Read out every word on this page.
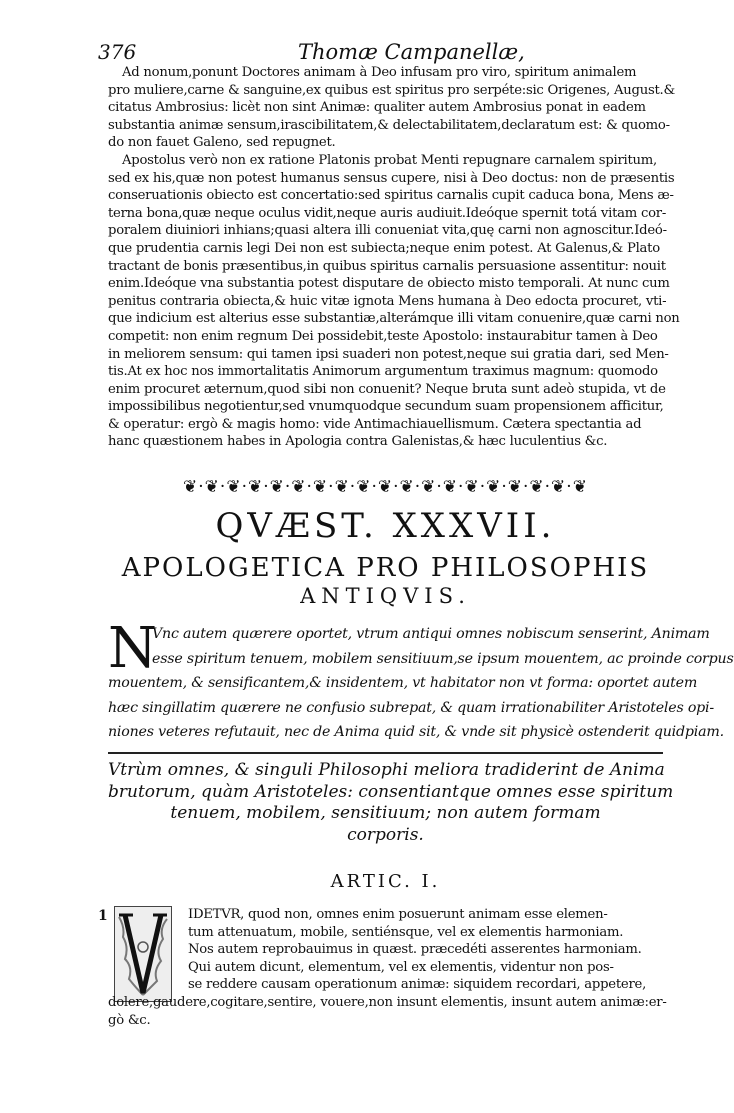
376	Thomæ Campanellæ,
Ad nonum,ponunt Doctores animam à Deo infusam pro viro, spiritum animalem
pro muliere,carne & sanguine,ex quibus est spiritus pro serpéte:sic Origenes, August.&
citatus Ambrosius: licèt non sint Animæ: qualiter autem Ambrosius ponat in eadem
substantia animæ sensum,irascibilitatem,& delectabilitatem,declaratum est: & quomo-
do non fauet Galeno, sed repugnet.
Apostolus verò non ex ratione Platonis probat Menti repugnare carnalem spiritum,
sed ex his,quæ non potest humanus sensus cupere, nisi à Deo doctus: non de præsentis
conseruationis obiecto est concertatio:sed spiritus carnalis cupit caduca bona, Mens æ-
terna bona,quæ neque oculus vidit,neque auris audiuit.Ideóque spernit totá vitam cor-
poralem diuiniori inhians;quasi altera illi conueniat vita,quę carni non agnoscitur.Ideó-
que prudentia carnis legi Dei non est subiecta;neque enim potest. At Galenus,& Plato
tractant de bonis præsentibus,in quibus spiritus carnalis persuasione assentitur: nouit
enim.Ideóque vna substantia potest disputare de obiecto misto temporali. At nunc cum
penitus contraria obiecta,& huic vitæ ignota Mens humana à Deo edocta procuret, vti-
que indicium est alterius esse substantiæ,alterámque illi vitam conuenire,quæ carni non
competit: non enim regnum Dei possidebit,teste Apostolo: instaurabitur tamen à Deo
in meliorem sensum: qui tamen ipsi suaderi non potest,neque sui gratia dari, sed Men-
tis.At ex hoc nos immortalitatis Animorum argumentum traximus magnum: quomodo
enim procuret æternum,quod sibi non conuenit? Neque bruta sunt adeò stupida, vt de
impossibilibus negotientur,sed vnumquodque secundum suam propensionem afficitur,
& operatur: ergò & magis homo: vide Antimachiauellismum. Cætera spectantia ad
hanc quæstionem habes in Apologia contra Galenistas,& hæc luculentius &c.
❦·❦·❦·❦·❦·❦·❦·❦·❦·❦·❦·❦·❦·❦·❦·❦·❦·❦·❦
QVÆST. XXXVII.
APOLOGETICA PRO PHILOSOPHIS
ANTIQVIS.
N
Vnc autem quærere oportet, vtrum antiqui omnes nobiscum senserint, Animam
esse spiritum tenuem, mobilem sensitiuum,se ipsum mouentem, ac proinde corpus
mouentem, & sensificantem,& insidentem, vt habitator non vt forma: oportet autem
hæc singillatim quærere ne confusio subrepat, & quam irrationabiliter Aristoteles opi-
niones veteres refutauit, nec de Anima quid sit, & vnde sit physicè ostenderit quidpiam.
Vtrùm omnes, & singuli Philosophi meliora tradiderint de Anima
brutorum, quàm Aristoteles: consentiantque omnes esse spiritum
tenuem, mobilem, sensitiuum; non autem formam
corporis.
ARTIC. I.
1	IDETVR, quod non, omnes enim posuerunt animam esse elemen-
tum attenuatum, mobile, sentiénsque, vel ex elementis harmoniam.
Nos autem reprobauimus in quæst. præcedéti asserentes harmoniam.
Qui autem dicunt, elementum, vel ex elementis, videntur non pos-
se reddere causam operationum animæ: siquidem recordari, appetere,
dolere,gaudere,cogitare,sentire, vouere,non insunt elementis, insunt autem animæ:er-
gò &c.
